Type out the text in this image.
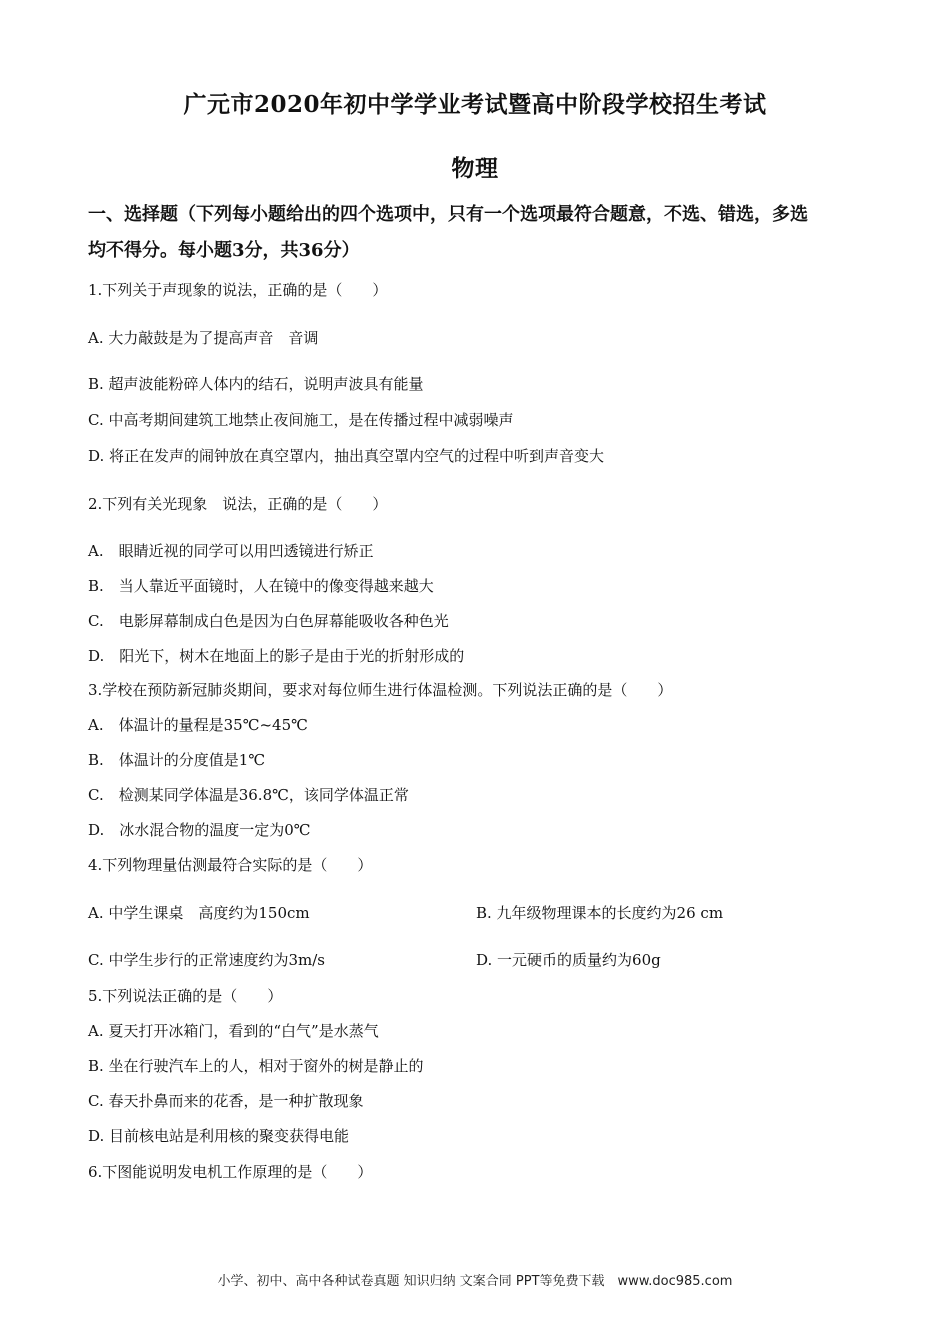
广元市2020年初中学学业考试暨高中阶段学校招生考试
物理
一、选择题（下列每小题给出的四个选项中，只有一个选项最符合题意，不选、错选，多选
均不得分。每小题3分，共36分）
1.下列关于声现象的说法，正确的是（　　）
A. 大力敲鼓是为了提高声音　音调
B. 超声波能粉碎人体内的结石，说明声波具有能量
C. 中高考期间建筑工地禁止夜间施工，是在传播过程中减弱噪声
D. 将正在发声的闹钟放在真空罩内，抽出真空罩内空气的过程中听到声音变大
2.下列有关光现象　说法，正确的是（　　）
A.　眼睛近视的同学可以用凹透镜进行矫正
B.　当人靠近平面镜时，人在镜中的像变得越来越大
C.　电影屏幕制成白色是因为白色屏幕能吸收各种色光
D.　阳光下，树木在地面上的影子是由于光的折射形成的
3.学校在预防新冠肺炎期间，要求对每位师生进行体温检测。下列说法正确的是（　　）
A.　体温计的量程是35℃~45℃
B.　体温计的分度值是1℃
C.　检测某同学体温是36.8℃，该同学体温正常
D.　冰水混合物的温度一定为0℃
4.下列物理量估测最符合实际的是（　　）
A. 中学生课桌　高度约为150cm	B. 九年级物理课本的长度约为26 cm
C. 中学生步行的正常速度约为3m/s	D. 一元硬币的质量约为60g
5.下列说法正确的是（　　）
A. 夏天打开冰箱门，看到的“白气”是水蒸气
B. 坐在行驶汽车上的人，相对于窗外的树是静止的
C. 春天扑鼻而来的花香，是一种扩散现象
D. 目前核电站是利用核的聚变获得电能
6.下图能说明发电机工作原理的是（　　）
小学、初中、高中各种试卷真题 知识归纳 文案合同 PPT等免费下载　www.doc985.com
